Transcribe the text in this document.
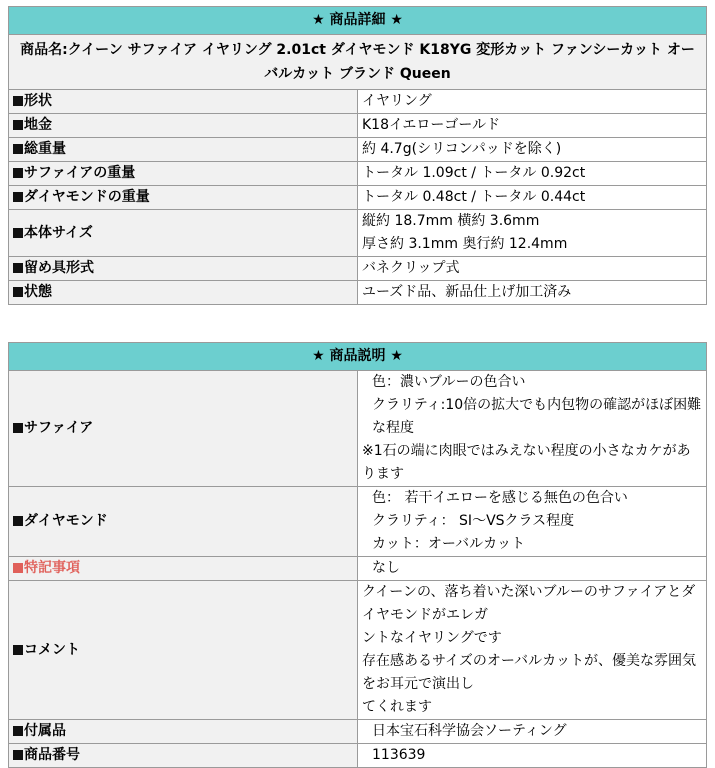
★ 商品詳細 ★	
商品名:クイーン サファイア イヤリング 2.01ct ダイヤモンド K18YG 変形カット ファンシーカット オーバルカット ブランド Queen	
形状	イヤリング
地金	K18イエローゴールド
総重量	約 4.7g(シリコンパッドを除く)
サファイアの重量	トータル 1.09ct / トータル 0.92ct
ダイヤモンドの重量	トータル 0.48ct / トータル 0.44ct
本体サイズ	縦約 18.7mm 横約 3.6mm
厚さ約 3.1mm 奥行約 12.4mm

留め具形式	バネクリップ式
状態	ユーズド品、新品仕上げ加工済み
★ 商品説明 ★	
サファイア	色：濃いブルーの色合い
クラリティ:10倍の拡大でも内包物の確認がほぼ困難な程度
※1石の端に肉眼ではみえない程度の小さなカケがあります

ダイヤモンド	色： 若干イエローを感じる無色の色合い
クラリティ： SI～VSクラス程度
カット：オーバルカット

特記事項	なし
コメント	クイーンの、落ち着いた深いブルーのサファイアとダイヤモンドがエレガ
ントなイヤリングです
存在感あるサイズのオーバルカットが、優美な雰囲気をお耳元で演出し
てくれます

付属品	日本宝石科学協会ソーティング
商品番号	113639
